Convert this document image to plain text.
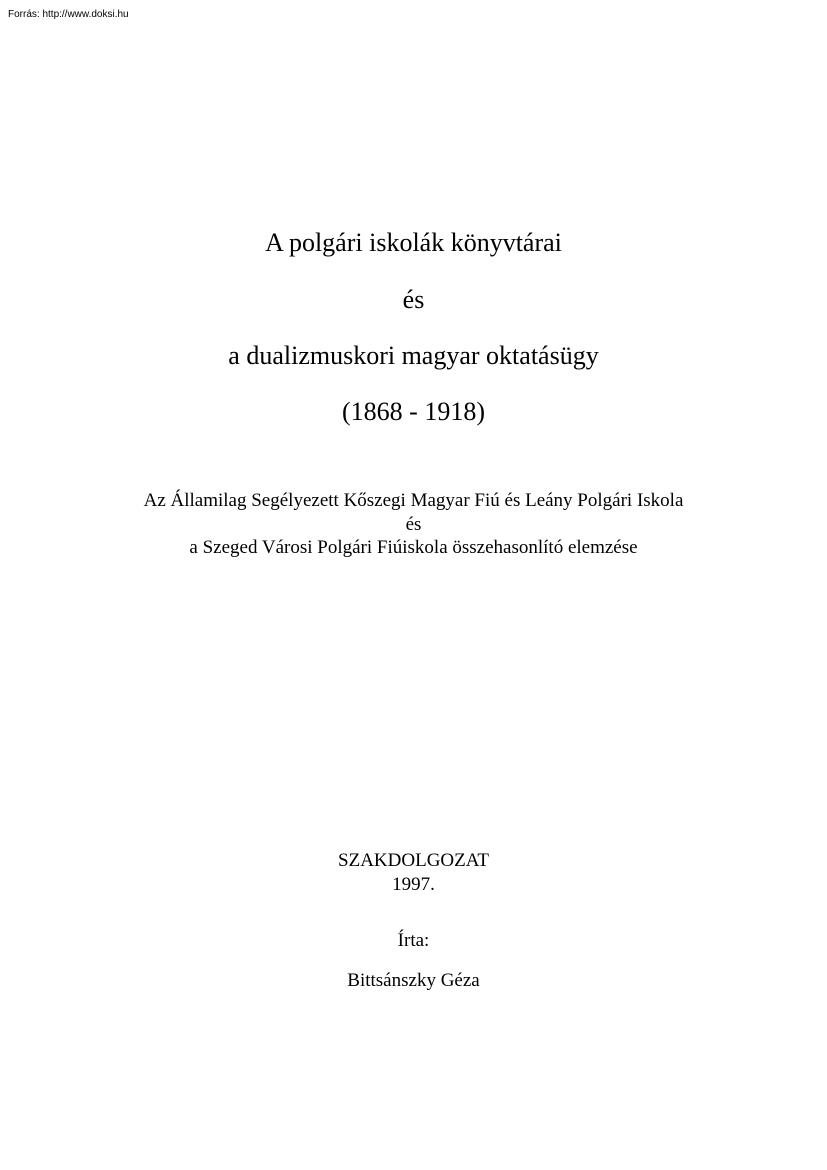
Forrás: http://www.doksi.hu
A polgári iskolák könyvtárai
és
a dualizmuskori magyar oktatásügy
(1868 - 1918)
Az Államilag Segélyezett Kőszegi Magyar Fiú és Leány Polgári Iskola
és
a Szeged Városi Polgári Fiúiskola összehasonlító elemzése
SZAKDOLGOZAT
1997.
Írta:
Bittsánszky Géza
